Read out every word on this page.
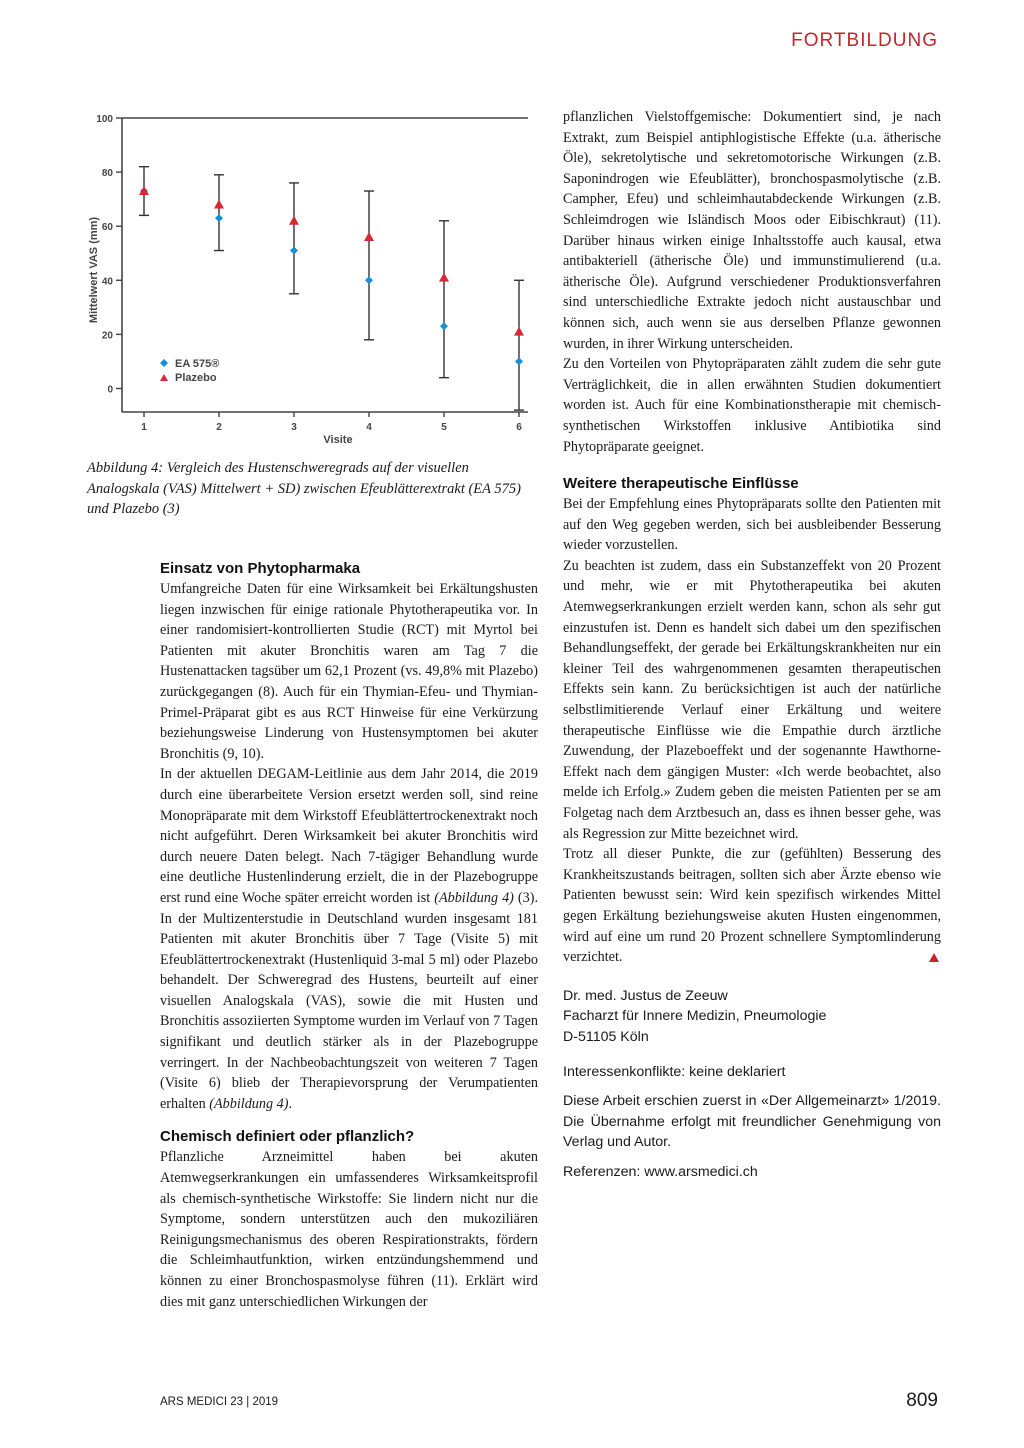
FORTBILDUNG
0
20
40
60
80
100
1	2	3	4	5	6
Mittelwert VAS (mm)
Visite
EA 575®
Plazebo

Abbildung 4: Vergleich des Hustenschweregrads auf der visuellen Analogskala (VAS) Mittelwert + SD) zwischen Efeublätterextrakt (EA 575) und Plazebo (3)

Einsatz von Phytopharmaka

Umfangreiche Daten für eine Wirksamkeit bei Erkältungshusten liegen inzwischen für einige rationale Phytotherapeutika vor. In einer randomisiert-kontrollierten Studie (RCT) mit Myrtol bei Patienten mit akuter Bronchitis waren am Tag 7 die Hustenattacken tagsüber um 62,1 Prozent (vs. 49,8% mit Plazebo) zurückgegangen (8). Auch für ein Thymian-Efeu- und Thymian-Primel-Präparat gibt es aus RCT Hinweise für eine Verkürzung beziehungsweise Linderung von Hustensymptomen bei akuter Bronchitis (9, 10).

In der aktuellen DEGAM-Leitlinie aus dem Jahr 2014, die 2019 durch eine überarbeitete Version ersetzt werden soll, sind reine Monopräparate mit dem Wirkstoff Efeublättertrockenextrakt noch nicht aufgeführt. Deren Wirksamkeit bei akuter Bronchitis wird durch neuere Daten belegt. Nach 7-tägiger Behandlung wurde eine deutliche Hustenlinderung erzielt, die in der Plazebogruppe erst rund eine Woche später erreicht worden ist (Abbildung 4) (3). In der Multizenterstudie in Deutschland wurden insgesamt 181 Patienten mit akuter Bronchitis über 7 Tage (Visite 5) mit Efeublättertrockenextrakt (Hustenliquid 3-mal 5 ml) oder Plazebo behandelt. Der Schweregrad des Hustens, beurteilt auf einer visuellen Analogskala (VAS), sowie die mit Husten und Bronchitis assoziierten Symptome wurden im Verlauf von 7 Tagen signifikant und deutlich stärker als in der Plazebogruppe verringert. In der Nachbeobachtungszeit von weiteren 7 Tagen (Visite 6) blieb der Therapievorsprung der Verumpatienten erhalten (Abbildung 4).

Chemisch definiert oder pflanzlich?

Pflanzliche Arzneimittel haben bei akuten Atemwegserkrankungen ein umfassenderes Wirksamkeitsprofil als chemisch-synthetische Wirkstoffe: Sie lindern nicht nur die Symptome, sondern unterstützen auch den mukoziliären Reinigungsmechanismus des oberen Respirationstrakts, fördern die Schleimhautfunktion, wirken entzündungshemmend und können zu einer Bronchospasmolyse führen (11). Erklärt wird dies mit ganz unterschiedlichen Wirkungen der

pflanzlichen Vielstoffgemische: Dokumentiert sind, je nach Extrakt, zum Beispiel antiphlogistische Effekte (u.a. ätherische Öle), sekretolytische und sekretomotorische Wirkungen (z.B. Saponindrogen wie Efeublätter), bronchospasmolytische (z.B. Campher, Efeu) und schleimhautabdeckende Wirkungen (z.B. Schleimdrogen wie Isländisch Moos oder Eibischkraut) (11). Darüber hinaus wirken einige Inhaltsstoffe auch kausal, etwa antibakteriell (ätherische Öle) und immunstimulierend (u.a. ätherische Öle). Aufgrund verschiedener Produktionsverfahren sind unterschiedliche Extrakte jedoch nicht austauschbar und können sich, auch wenn sie aus derselben Pflanze gewonnen wurden, in ihrer Wirkung unterscheiden.

Zu den Vorteilen von Phytopräparaten zählt zudem die sehr gute Verträglichkeit, die in allen erwähnten Studien dokumentiert worden ist. Auch für eine Kombinationstherapie mit chemisch-synthetischen Wirkstoffen inklusive Antibiotika sind Phytopräparate geeignet.

Weitere therapeutische Einflüsse

Bei der Empfehlung eines Phytopräparats sollte den Patienten mit auf den Weg gegeben werden, sich bei ausbleibender Besserung wieder vorzustellen.

Zu beachten ist zudem, dass ein Substanzeffekt von 20 Prozent und mehr, wie er mit Phytotherapeutika bei akuten Atemwegserkrankungen erzielt werden kann, schon als sehr gut einzustufen ist. Denn es handelt sich dabei um den spezifischen Behandlungseffekt, der gerade bei Erkältungskrankheiten nur ein kleiner Teil des wahrgenommenen gesamten therapeutischen Effekts sein kann. Zu berücksichtigen ist auch der natürliche selbstlimitierende Verlauf einer Erkältung und weitere therapeutische Einflüsse wie die Empathie durch ärztliche Zuwendung, der Plazeboeffekt und der sogenannte Hawthorne-Effekt nach dem gängigen Muster: «Ich werde beobachtet, also melde ich Erfolg.» Zudem geben die meisten Patienten per se am Folgetag nach dem Arztbesuch an, dass es ihnen besser gehe, was als Regression zur Mitte bezeichnet wird.

Trotz all dieser Punkte, die zur (gefühlten) Besserung des Krankheitszustands beitragen, sollten sich aber Ärzte ebenso wie Patienten bewusst sein: Wird kein spezifisch wirkendes Mittel gegen Erkältung beziehungsweise akuten Husten eingenommen, wird auf eine um rund 20 Prozent schnellere Symptomlinderung verzichtet.

Dr. med. Justus de Zeeuw

Facharzt für Innere Medizin, Pneumologie

D-51105 Köln

Interessenkonflikte: keine deklariert

Diese Arbeit erschien zuerst in «Der Allgemeinarzt» 1/2019. Die Übernahme erfolgt mit freundlicher Genehmigung von Verlag und Autor.

Referenzen: www.arsmedici.ch

ARS MEDICI 23 | 2019	809
